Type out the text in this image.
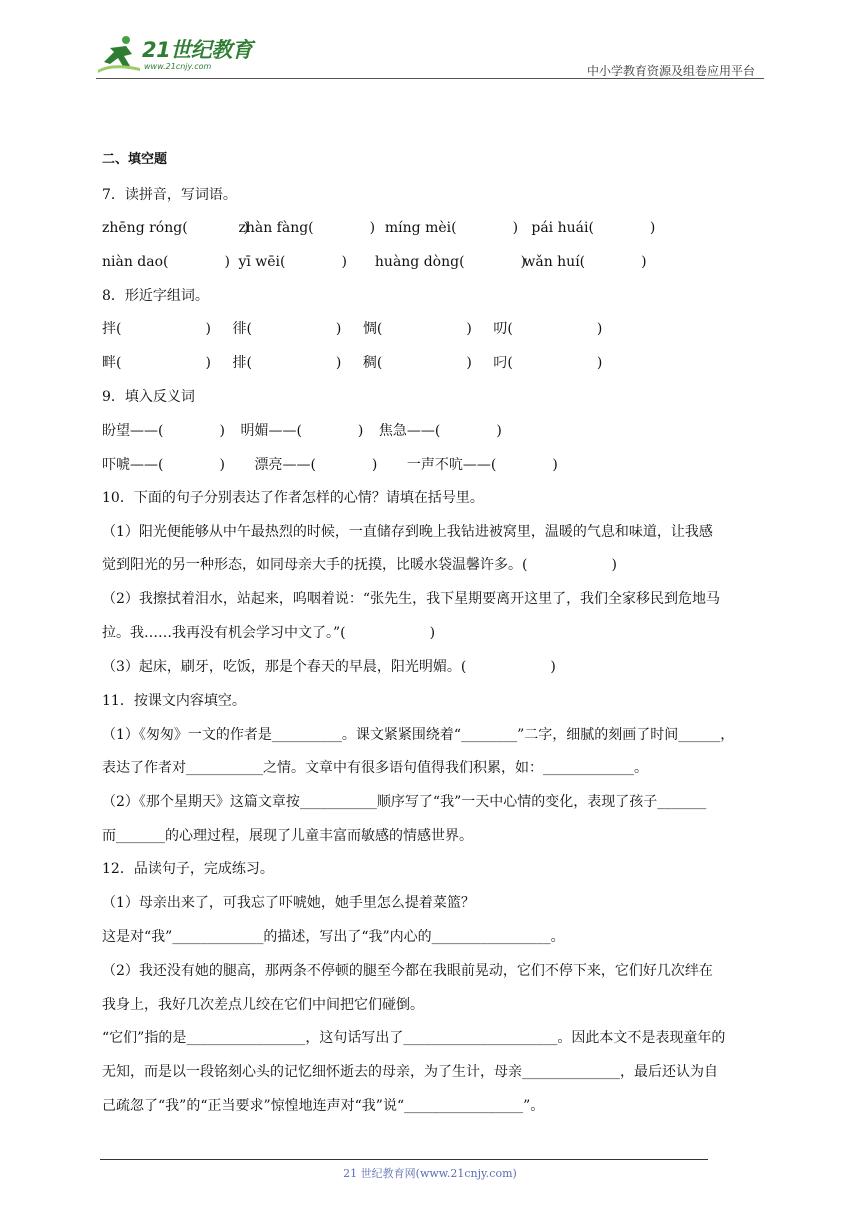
21世纪教育
www.21cnjy.com	中小学教育资源及组卷应用平台
二、填空题
7．读拼音，写词语。
zhēng róng(　　　　) zhàn fàng(　　　　) míng mèi(　　　　) pái huái(　　　　)
niàn dao(　　　　) yī wēi(　　　　) huàng dòng(　　　　) wǎn huí(　　　　)
8．形近字组词。
拌(　　　　　　) 徘(　　　　　　) 惆(　　　　　　) 叨(　　　　　　)
畔(　　　　　　) 排(　　　　　　) 稠(　　　　　　) 叼(　　　　　　)
9．填入反义词
盼望——(　　　　) 明媚——(　　　　) 焦急——(　　　　)
吓唬——(　　　　) 漂亮——(　　　　) 一声不吭——(　　　　)
10．下面的句子分别表达了作者怎样的心情？请填在括号里。
（1）阳光便能够从中午最热烈的时候，一直储存到晚上我钻进被窝里，温暖的气息和味道，让我感
觉到阳光的另一种形态，如同母亲大手的抚摸，比暖水袋温馨许多。(　　　　　　)
（2）我擦拭着泪水，站起来，呜咽着说：“张先生，我下星期要离开这里了，我们全家移民到危地马
拉。我……我再没有机会学习中文了。”(　　　　　　)
（3）起床，刷牙，吃饭，那是个春天的早晨，阳光明媚。(　　　　　　)
11．按课文内容填空。
（1）《匆匆》一文的作者是__________。课文紧紧围绕着“________”二字，细腻的刻画了时间______，
表达了作者对___________之情。文章中有很多语句值得我们积累，如：_____________。
（2）《那个星期天》这篇文章按___________顺序写了“我”一天中心情的变化，表现了孩子_______
而_______的心理过程，展现了儿童丰富而敏感的情感世界。
12．品读句子，完成练习。
（1）母亲出来了，可我忘了吓唬她，她手里怎么提着菜篮？
这是对“我”_____________的描述，写出了“我”内心的_________________。
（2）我还没有她的腿高，那两条不停顿的腿至今都在我眼前晃动，它们不停下来，它们好几次绊在
我身上，我好几次差点儿绞在它们中间把它们碰倒。
“它们”指的是_________________，这句话写出了______________________。因此本文不是表现童年的
无知，而是以一段铭刻心头的记忆细怀逝去的母亲，为了生计，母亲______________，最后还认为自
己疏忽了“我”的“正当要求”惊惶地连声对“我”说“_________________”。
21 世纪教育网(www.21cnjy.com)
